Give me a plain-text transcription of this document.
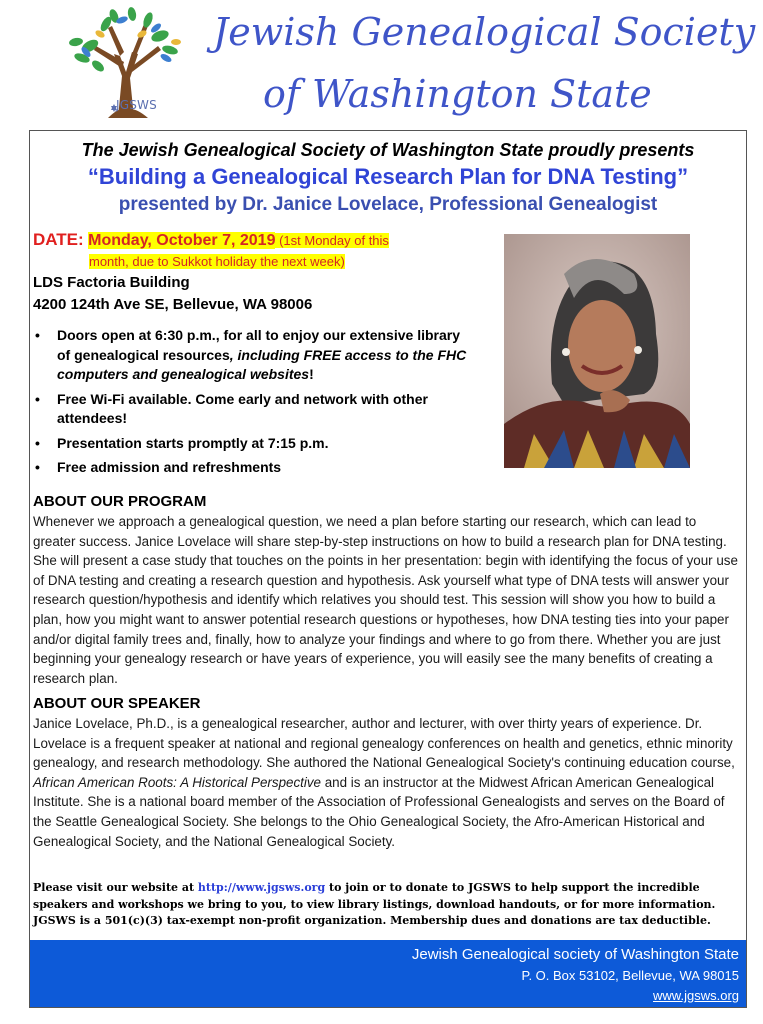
JGSWS
Jewish Genealogical Society
of Washington State
The Jewish Genealogical Society of Washington State proudly presents
“Building a Genealogical Research Plan for DNA Testing”
presented by Dr. Janice Lovelace, Professional Genealogist
DATE: Monday, October 7, 2019 (1st Monday of this
month, due to Sukkot holiday the next week)
LDS Factoria Building
4200 124th Ave SE, Bellevue, WA 98006
• Doors open at 6:30 p.m., for all to enjoy our extensive library of genealogical resources, including FREE access to the FHC computers and genealogical websites!
• Free Wi-Fi available. Come early and network with other attendees!
• Presentation starts promptly at 7:15 p.m.
• Free admission and refreshments
ABOUT OUR PROGRAM
Whenever we approach a genealogical question, we need a plan before starting our research, which can lead to greater success. Janice Lovelace will share step-by-step instructions on how to build a research plan for DNA testing. She will present a case study that touches on the points in her presentation: begin with identifying the focus of your use of DNA testing and creating a research question and hypothesis. Ask yourself what type of DNA tests will answer your research question/hypothesis and identify which relatives you should test. This session will show you how to build a plan, how you might want to answer potential research questions or hypotheses, how DNA testing ties into your paper and/or digital family trees and, finally, how to analyze your findings and where to go from there. Whether you are just beginning your genealogy research or have years of experience, you will easily see the many benefits of creating a research plan.
ABOUT OUR SPEAKER
Janice Lovelace, Ph.D., is a genealogical researcher, author and lecturer, with over thirty years of experience. Dr. Lovelace is a frequent speaker at national and regional genealogy conferences on health and genetics, ethnic minority genealogy, and research methodology. She authored the National Genealogical Society's continuing education course, African American Roots: A Historical Perspective and is an instructor at the Midwest African American Genealogical Institute. She is a national board member of the Association of Professional Genealogists and serves on the Board of the Seattle Genealogical Society. She belongs to the Ohio Genealogical Society, the Afro-American Historical and Genealogical Society, and the National Genealogical Society.
Please visit our website at http://www.jgsws.org to join or to donate to JGSWS to help support the incredible speakers and workshops we bring to you, to view library listings, download handouts, or for more information. JGSWS is a 501(c)(3) tax-exempt non-profit organization. Membership dues and donations are tax deductible.
Jewish Genealogical society of Washington State
P. O. Box 53102, Bellevue, WA 98015
www.jgsws.org
